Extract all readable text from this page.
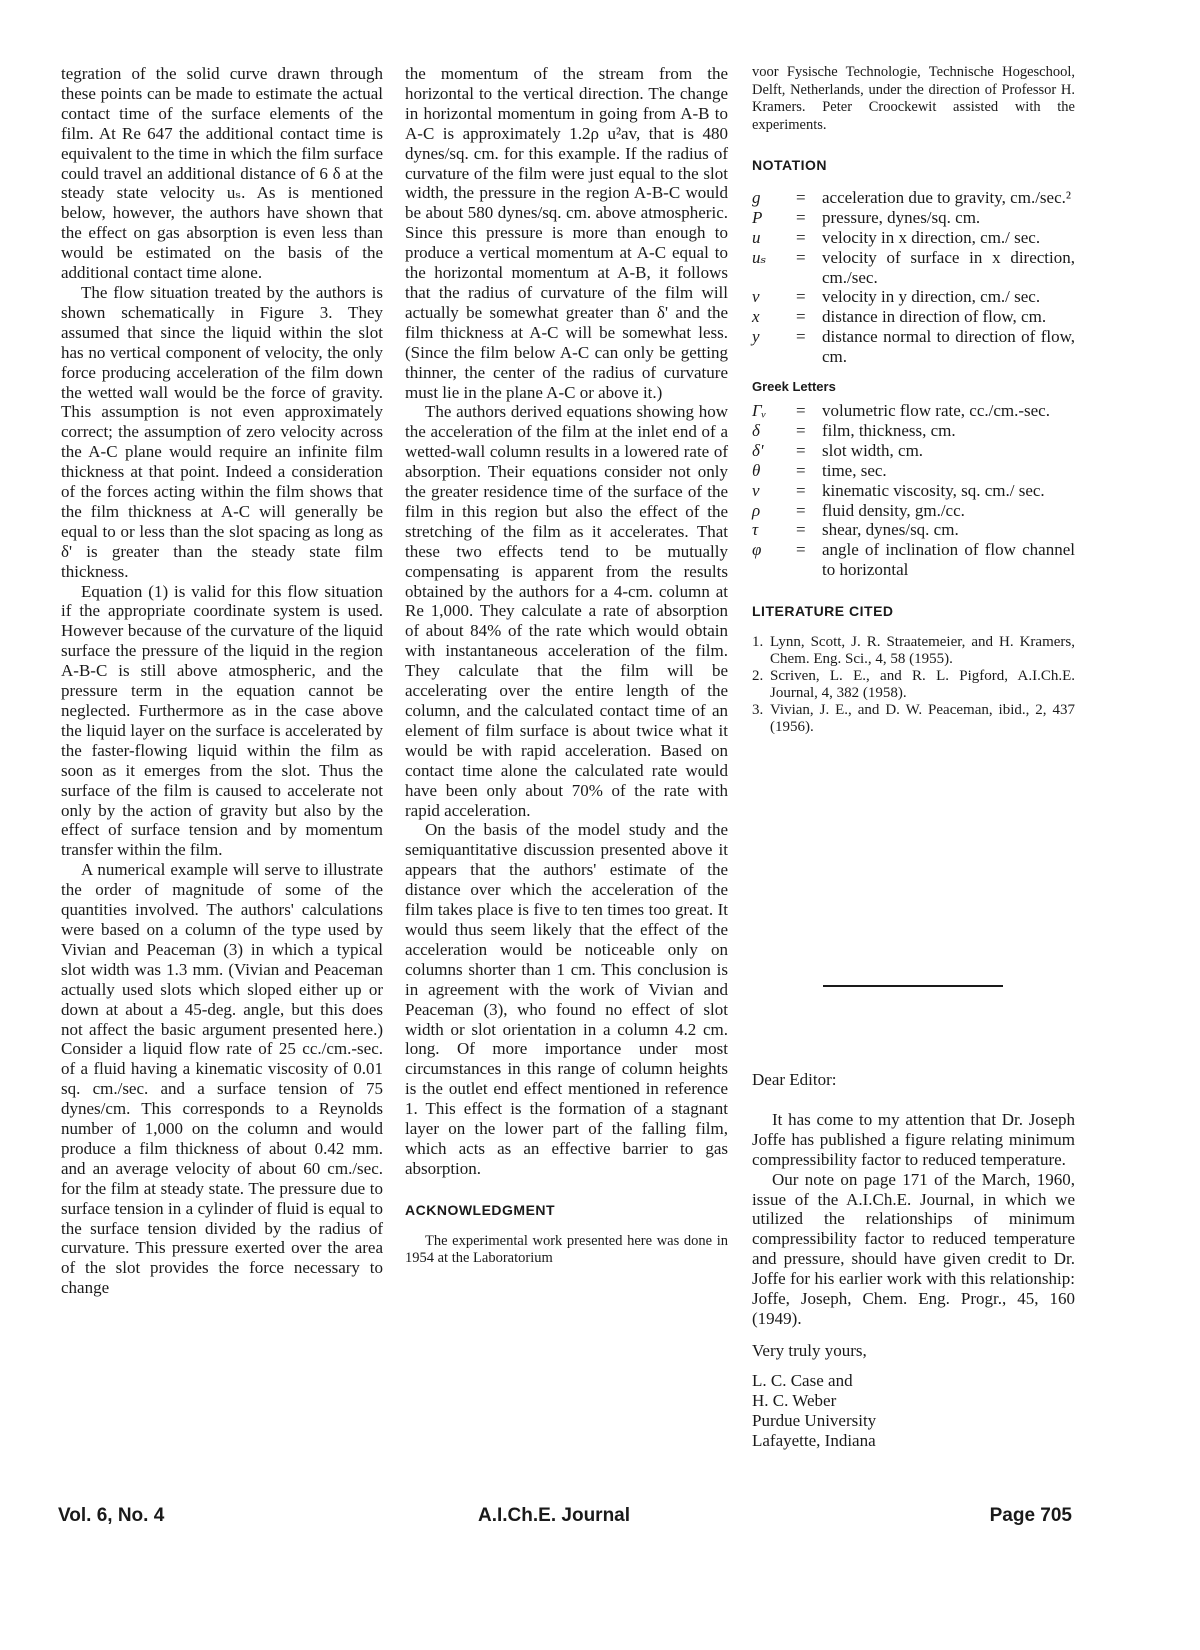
tegration of the solid curve drawn through these points can be made to estimate the actual contact time of the surface elements of the film. At Re 647 the additional contact time is equivalent to the time in which the film surface could travel an additional distance of 6 δ at the steady state velocity uₛ. As is mentioned below, however, the authors have shown that the effect on gas absorption is even less than would be estimated on the basis of the additional contact time alone.

The flow situation treated by the authors is shown schematically in Figure 3. They assumed that since the liquid within the slot has no vertical component of velocity, the only force producing acceleration of the film down the wetted wall would be the force of gravity. This assumption is not even approximately correct; the assumption of zero velocity across the A-C plane would require an infinite film thickness at that point. Indeed a consideration of the forces acting within the film shows that the film thickness at A-C will generally be equal to or less than the slot spacing as long as δ' is greater than the steady state film thickness.

Equation (1) is valid for this flow situation if the appropriate coordinate system is used. However because of the curvature of the liquid surface the pressure of the liquid in the region A-B-C is still above atmospheric, and the pressure term in the equation cannot be neglected. Furthermore as in the case above the liquid layer on the surface is accelerated by the faster-flowing liquid within the film as soon as it emerges from the slot. Thus the surface of the film is caused to accelerate not only by the action of gravity but also by the effect of surface tension and by momentum transfer within the film.

A numerical example will serve to illustrate the order of magnitude of some of the quantities involved. The authors' calculations were based on a column of the type used by Vivian and Peaceman (3) in which a typical slot width was 1.3 mm. (Vivian and Peaceman actually used slots which sloped either up or down at about a 45-deg. angle, but this does not affect the basic argument presented here.) Consider a liquid flow rate of 25 cc./cm.-sec. of a fluid having a kinematic viscosity of 0.01 sq. cm./sec. and a surface tension of 75 dynes/cm. This corresponds to a Reynolds number of 1,000 on the column and would produce a film thickness of about 0.42 mm. and an average velocity of about 60 cm./sec. for the film at steady state. The pressure due to surface tension in a cylinder of fluid is equal to the surface tension divided by the radius of curvature. This pressure exerted over the area of the slot provides the force necessary to change

the momentum of the stream from the horizontal to the vertical direction. The change in horizontal momentum in going from A-B to A-C is approximately 1.2ρ u²av, that is 480 dynes/sq. cm. for this example. If the radius of curvature of the film were just equal to the slot width, the pressure in the region A-B-C would be about 580 dynes/sq. cm. above atmospheric. Since this pressure is more than enough to produce a vertical momentum at A-C equal to the horizontal momentum at A-B, it follows that the radius of curvature of the film will actually be somewhat greater than δ' and the film thickness at A-C will be somewhat less. (Since the film below A-C can only be getting thinner, the center of the radius of curvature must lie in the plane A-C or above it.)

The authors derived equations showing how the acceleration of the film at the inlet end of a wetted-wall column results in a lowered rate of absorption. Their equations consider not only the greater residence time of the surface of the film in this region but also the effect of the stretching of the film as it accelerates. That these two effects tend to be mutually compensating is apparent from the results obtained by the authors for a 4-cm. column at Re 1,000. They calculate a rate of absorption of about 84% of the rate which would obtain with instantaneous acceleration of the film. They calculate that the film will be accelerating over the entire length of the column, and the calculated contact time of an element of film surface is about twice what it would be with rapid acceleration. Based on contact time alone the calculated rate would have been only about 70% of the rate with rapid acceleration.

On the basis of the model study and the semiquantitative discussion presented above it appears that the authors' estimate of the distance over which the acceleration of the film takes place is five to ten times too great. It would thus seem likely that the effect of the acceleration would be noticeable only on columns shorter than 1 cm. This conclusion is in agreement with the work of Vivian and Peaceman (3), who found no effect of slot width or slot orientation in a column 4.2 cm. long. Of more importance under most circumstances in this range of column heights is the outlet end effect mentioned in reference 1. This effect is the formation of a stagnant layer on the lower part of the falling film, which acts as an effective barrier to gas absorption.

ACKNOWLEDGMENT

The experimental work presented here was done in 1954 at the Laboratorium

voor Fysische Technologie, Technische Hogeschool, Delft, Netherlands, under the direction of Professor H. Kramers. Peter Croockewit assisted with the experiments.

NOTATION
g	= acceleration due to gravity, cm./sec.²
P	= pressure, dynes/sq. cm.
u	= velocity in x direction, cm./ sec.
uₛ	= velocity of surface in x direction, cm./sec.
v	= velocity in y direction, cm./ sec.
x	= distance in direction of flow, cm.
y	= distance normal to direction of flow, cm.
Greek Letters
Γᵥ	= volumetric flow rate, cc./cm.-sec.
δ	= film, thickness, cm.
δ'	= slot width, cm.
θ	= time, sec.
ν	= kinematic viscosity, sq. cm./ sec.
ρ	= fluid density, gm./cc.
τ	= shear, dynes/sq. cm.
φ	= angle of inclination of flow channel to horizontal
LITERATURE CITED
1. Lynn, Scott, J. R. Straatemeier, and H. Kramers, Chem. Eng. Sci., 4, 58 (1955).
2. Scriven, L. E., and R. L. Pigford, A.I.Ch.E. Journal, 4, 382 (1958).
3. Vivian, J. E., and D. W. Peaceman, ibid., 2, 437 (1956).

Dear Editor:

It has come to my attention that Dr. Joseph Joffe has published a figure relating minimum compressibility factor to reduced temperature.

Our note on page 171 of the March, 1960, issue of the A.I.Ch.E. Journal, in which we utilized the relationships of minimum compressibility factor to reduced temperature and pressure, should have given credit to Dr. Joffe for his earlier work with this relationship: Joffe, Joseph, Chem. Eng. Progr., 45, 160 (1949).

Very truly yours,

L. C. Case and

H. C. Weber

Purdue University

Lafayette, Indiana

Vol. 6, No. 4	A.I.Ch.E. Journal	Page 705
